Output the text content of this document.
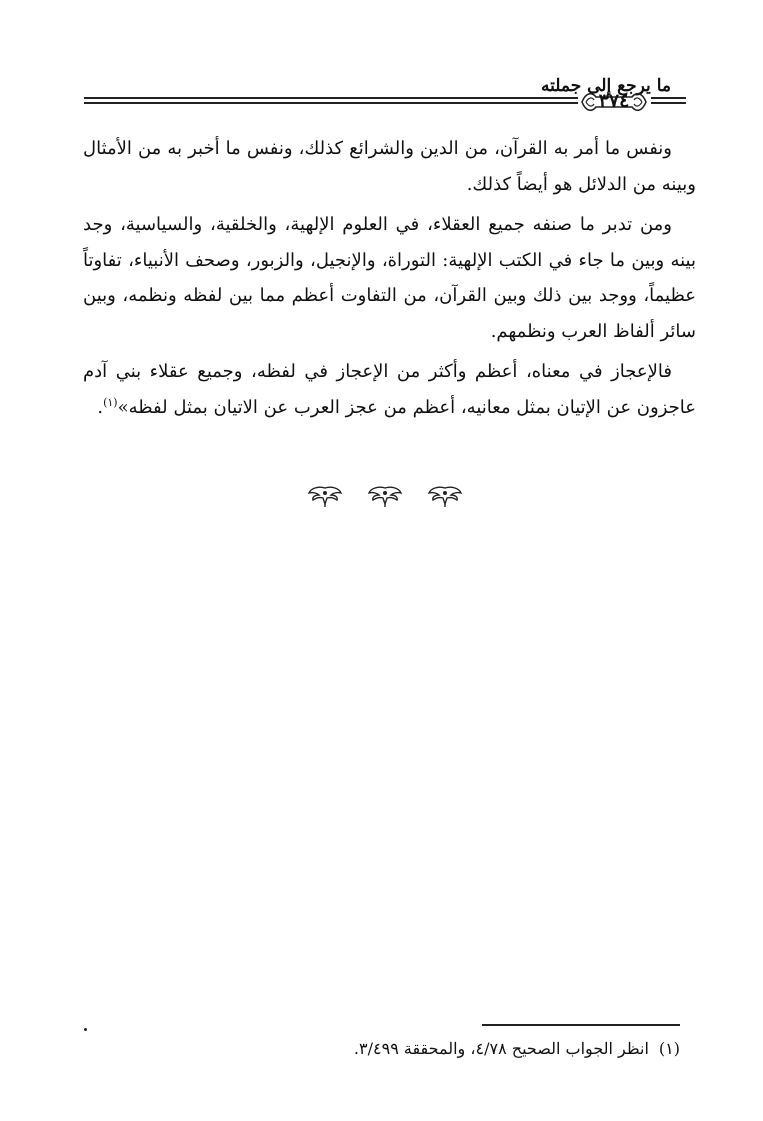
ما يرجع إلى جملته
٣٧٤

ونفس ما أمر به القرآن، من الدين والشرائع كذلك، ونفس ما أخبر به من الأمثال وبينه من الدلائل هو أيضاً كذلك.

ومن تدبر ما صنفه جميع العقلاء، في العلوم الإلهية، والخلقية، والسياسية، وجد بينه وبين ما جاء في الكتب الإلهية: التوراة، والإنجيل، والزبور، وصحف الأنبياء، تفاوتاً عظيماً، ووجد بين ذلك وبين القرآن، من التفاوت أعظم مما بين لفظه ونظمه، وبين سائر ألفاظ العرب ونظمهم.

فالإعجاز في معناه، أعظم وأكثر من الإعجاز في لفظه، وجميع عقلاء بني آدم عاجزون عن الإتيان بمثل معانيه، أعظم من عجز العرب عن الاتيان بمثل لفظه»$^{(١)}$.

(١)انظر الجواب الصحيح ٤/٧٨، والمحققة ٣/٤٩٩.
